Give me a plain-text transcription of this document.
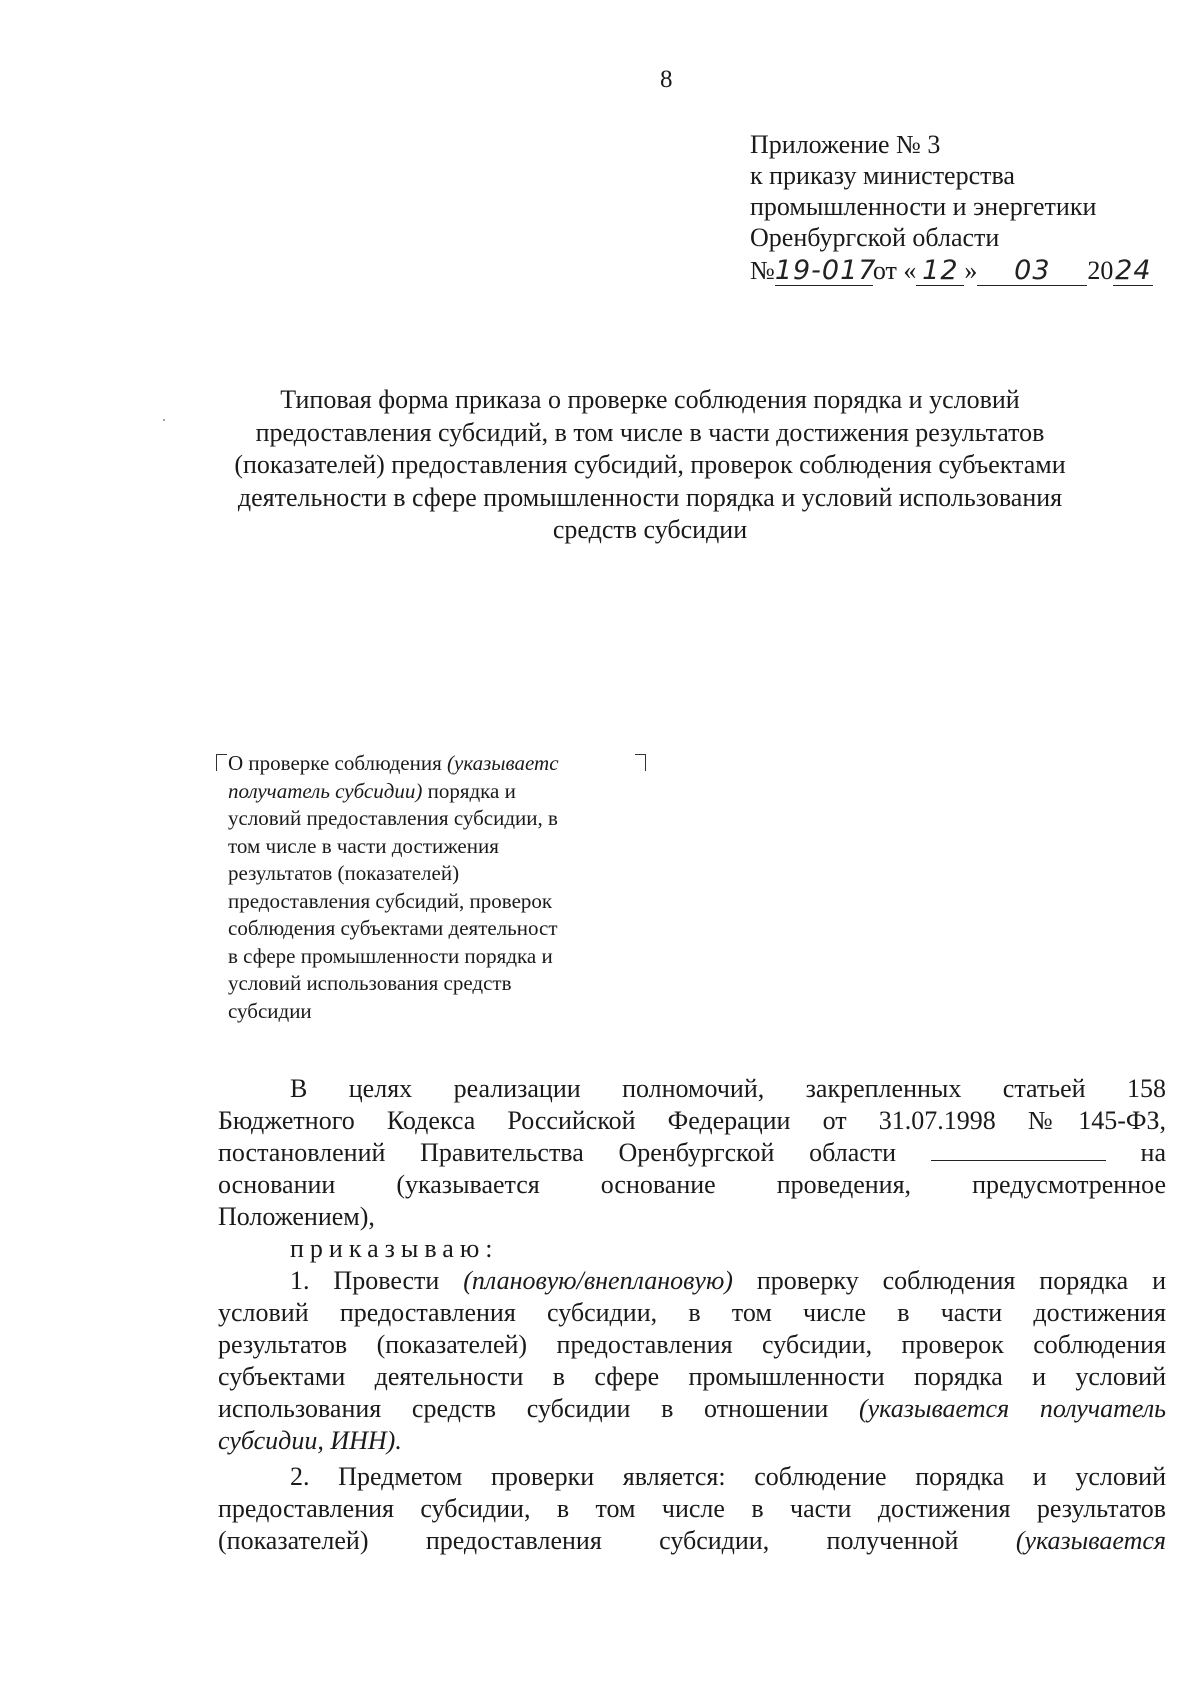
8
Приложение № 3
к приказу министерства
промышленности и энергетики
Оренбургской области
№19-017от « 12 » 03 2024
Типовая форма приказа о проверке соблюдения порядка и условий
предоставления субсидий, в том числе в части достижения результатов
(показателей) предоставления субсидий, проверок соблюдения субъектами
деятельности в сфере промышленности порядка и условий использования
средств субсидии
О проверке соблюдения (указываетс
получатель субсидии) порядка и
условий предоставления субсидии, в
том числе в части достижения
результатов (показателей)
предоставления субсидий, проверок
соблюдения субъектами деятельност
в сфере промышленности порядка и
условий использования средств
субсидии
В целях реализации полномочий, закрепленных статьей 158
Бюджетного Кодекса Российской Федерации от 31.07.1998 №145-ФЗ,
постановлений Правительства Оренбургской области	на
основании (указывается основание проведения, предусмотренное
Положением),
приказываю:
1. Провести (плановую/внеплановую) проверку соблюдения порядка и
условий предоставления субсидии, в том числе в части достижения
результатов (показателей) предоставления субсидии, проверок соблюдения
субъектами деятельности в сфере промышленности порядка и условий
использования средств субсидии в отношении (указывается получатель
субсидии, ИНН).
2. Предметом проверки является: соблюдение порядка и условий
предоставления субсидии, в том числе в части достижения результатов
(показателей) предоставления субсидии, полученной (указывается
